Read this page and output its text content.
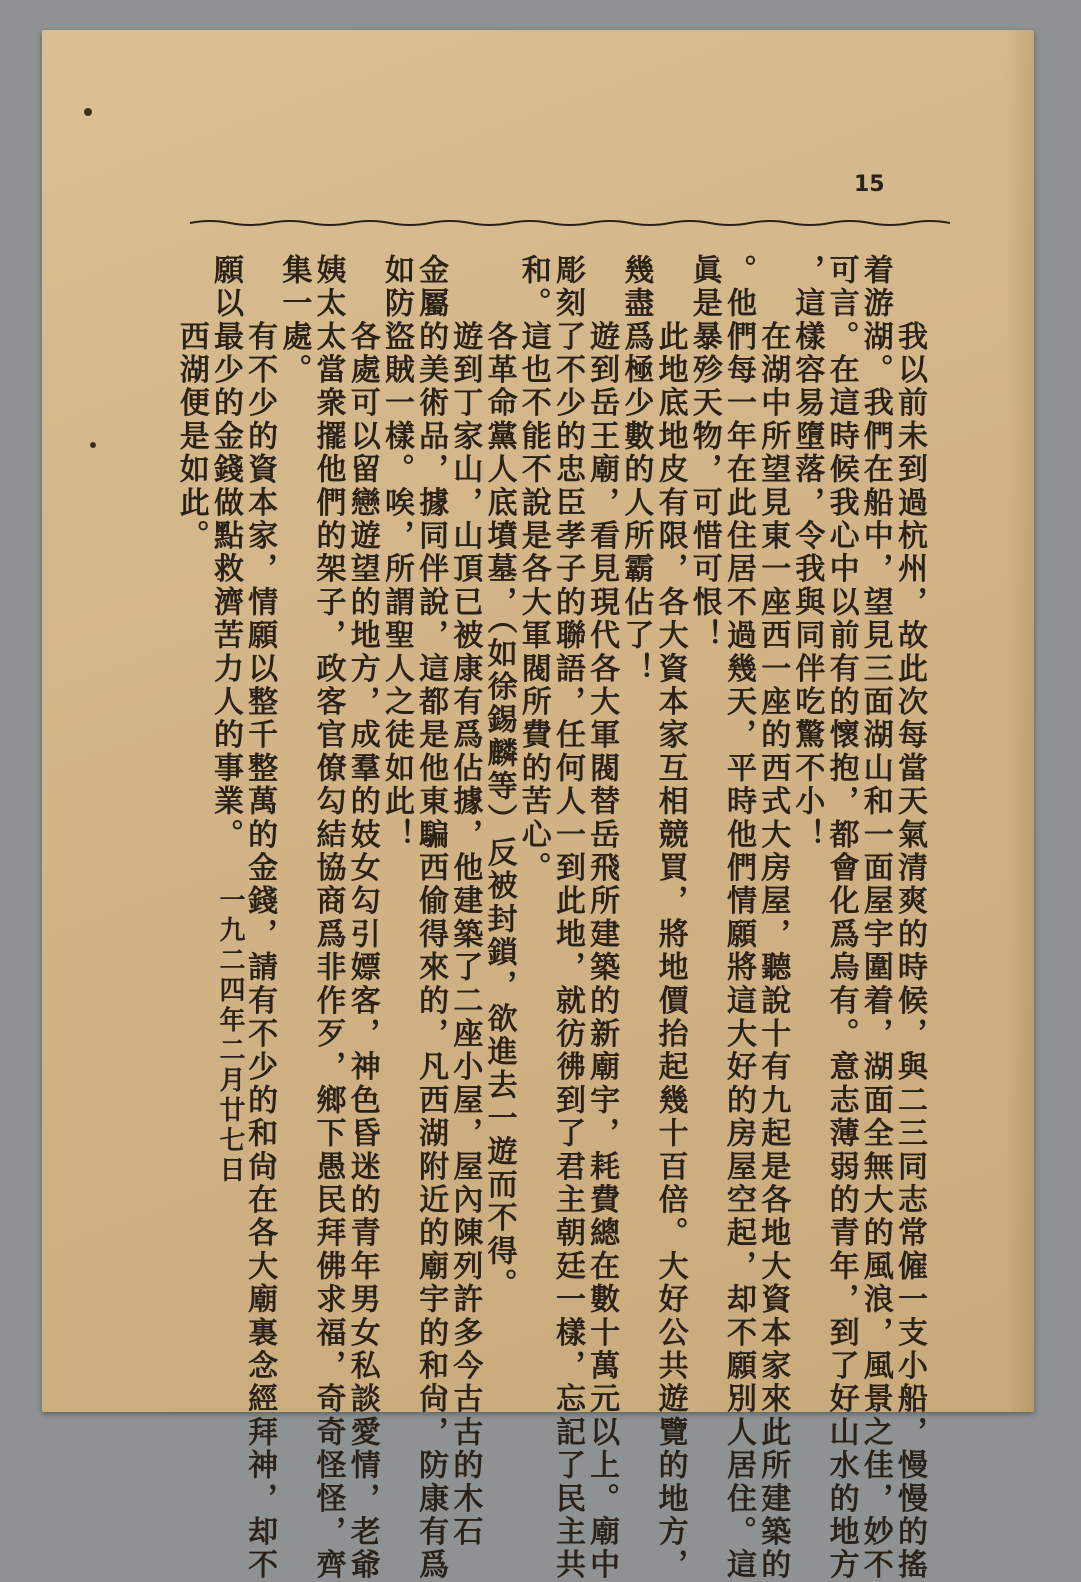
15
　　我以前未到過杭州，故此次每當天氣清爽的時候，與二三同志常僱一支小船，慢慢的搖
着游湖。我們在船中，望見三面湖山和一面屋宇圍着，湖面全無大的風浪，風景之佳，妙不
可言。在這時候我心中以前有的懷抱，都會化爲烏有。意志薄弱的青年，到了好山水的地方
，這樣容易墮落，令我與同伴吃驚不小！
　　在湖中所望見東一座西一座的西式大房屋，聽說十有九起是各地大資本家來此所建築的
。他們每一年在此住居不過幾天，平時他們情願將這大好的房屋空起，却不願別人居住。這
眞是暴殄天物，可惜可恨！
　　此地底地皮有限，各大資本家互相競買，將地價抬起幾十百倍。大好公共遊覽的地方，
幾盡爲極少數的人所霸佔了！
　　遊到岳王廟，看見現代各大軍閥替岳飛所建築的新廟宇，耗費總在數十萬元以上。廟中
彫刻了不少的忠臣孝子的聯語，任何人一到此地，就彷彿到了君主朝廷一樣，忘記了民主共
和。這也不能不說是各大軍閥所費的苦心。
　　各革命黨人底墳墓，（如徐錫麟等）反被封鎖，欲進去一遊而不得。
　　遊到丁家山，山頂已被康有爲佔據，他建築了二座小屋，屋內陳列許多今古古的木石
金屬的美術品，據同伴說，這都是他東騙西偷得來的，凡西湖附近的廟宇的和尙，防康有爲
如防盜賊一樣。唉，所謂聖人之徒如此！
　　各處可以留戀遊望的地方，成羣的妓女勾引嫖客，神色昏迷的青年男女私談愛情，老爺
姨太太當衆擺他們的架子，政客官僚勾結協商爲非作歹，鄉下愚民拜佛求福，奇奇怪怪，齊
集一處。
　　有不少的資本家，情願以整千整萬的金錢，請有不少的和尙在各大廟裏念經拜神，却不
願以最少的金錢做點救濟苦力人的事業。
　　西湖便是如此。
一九二四年二月廿七日
